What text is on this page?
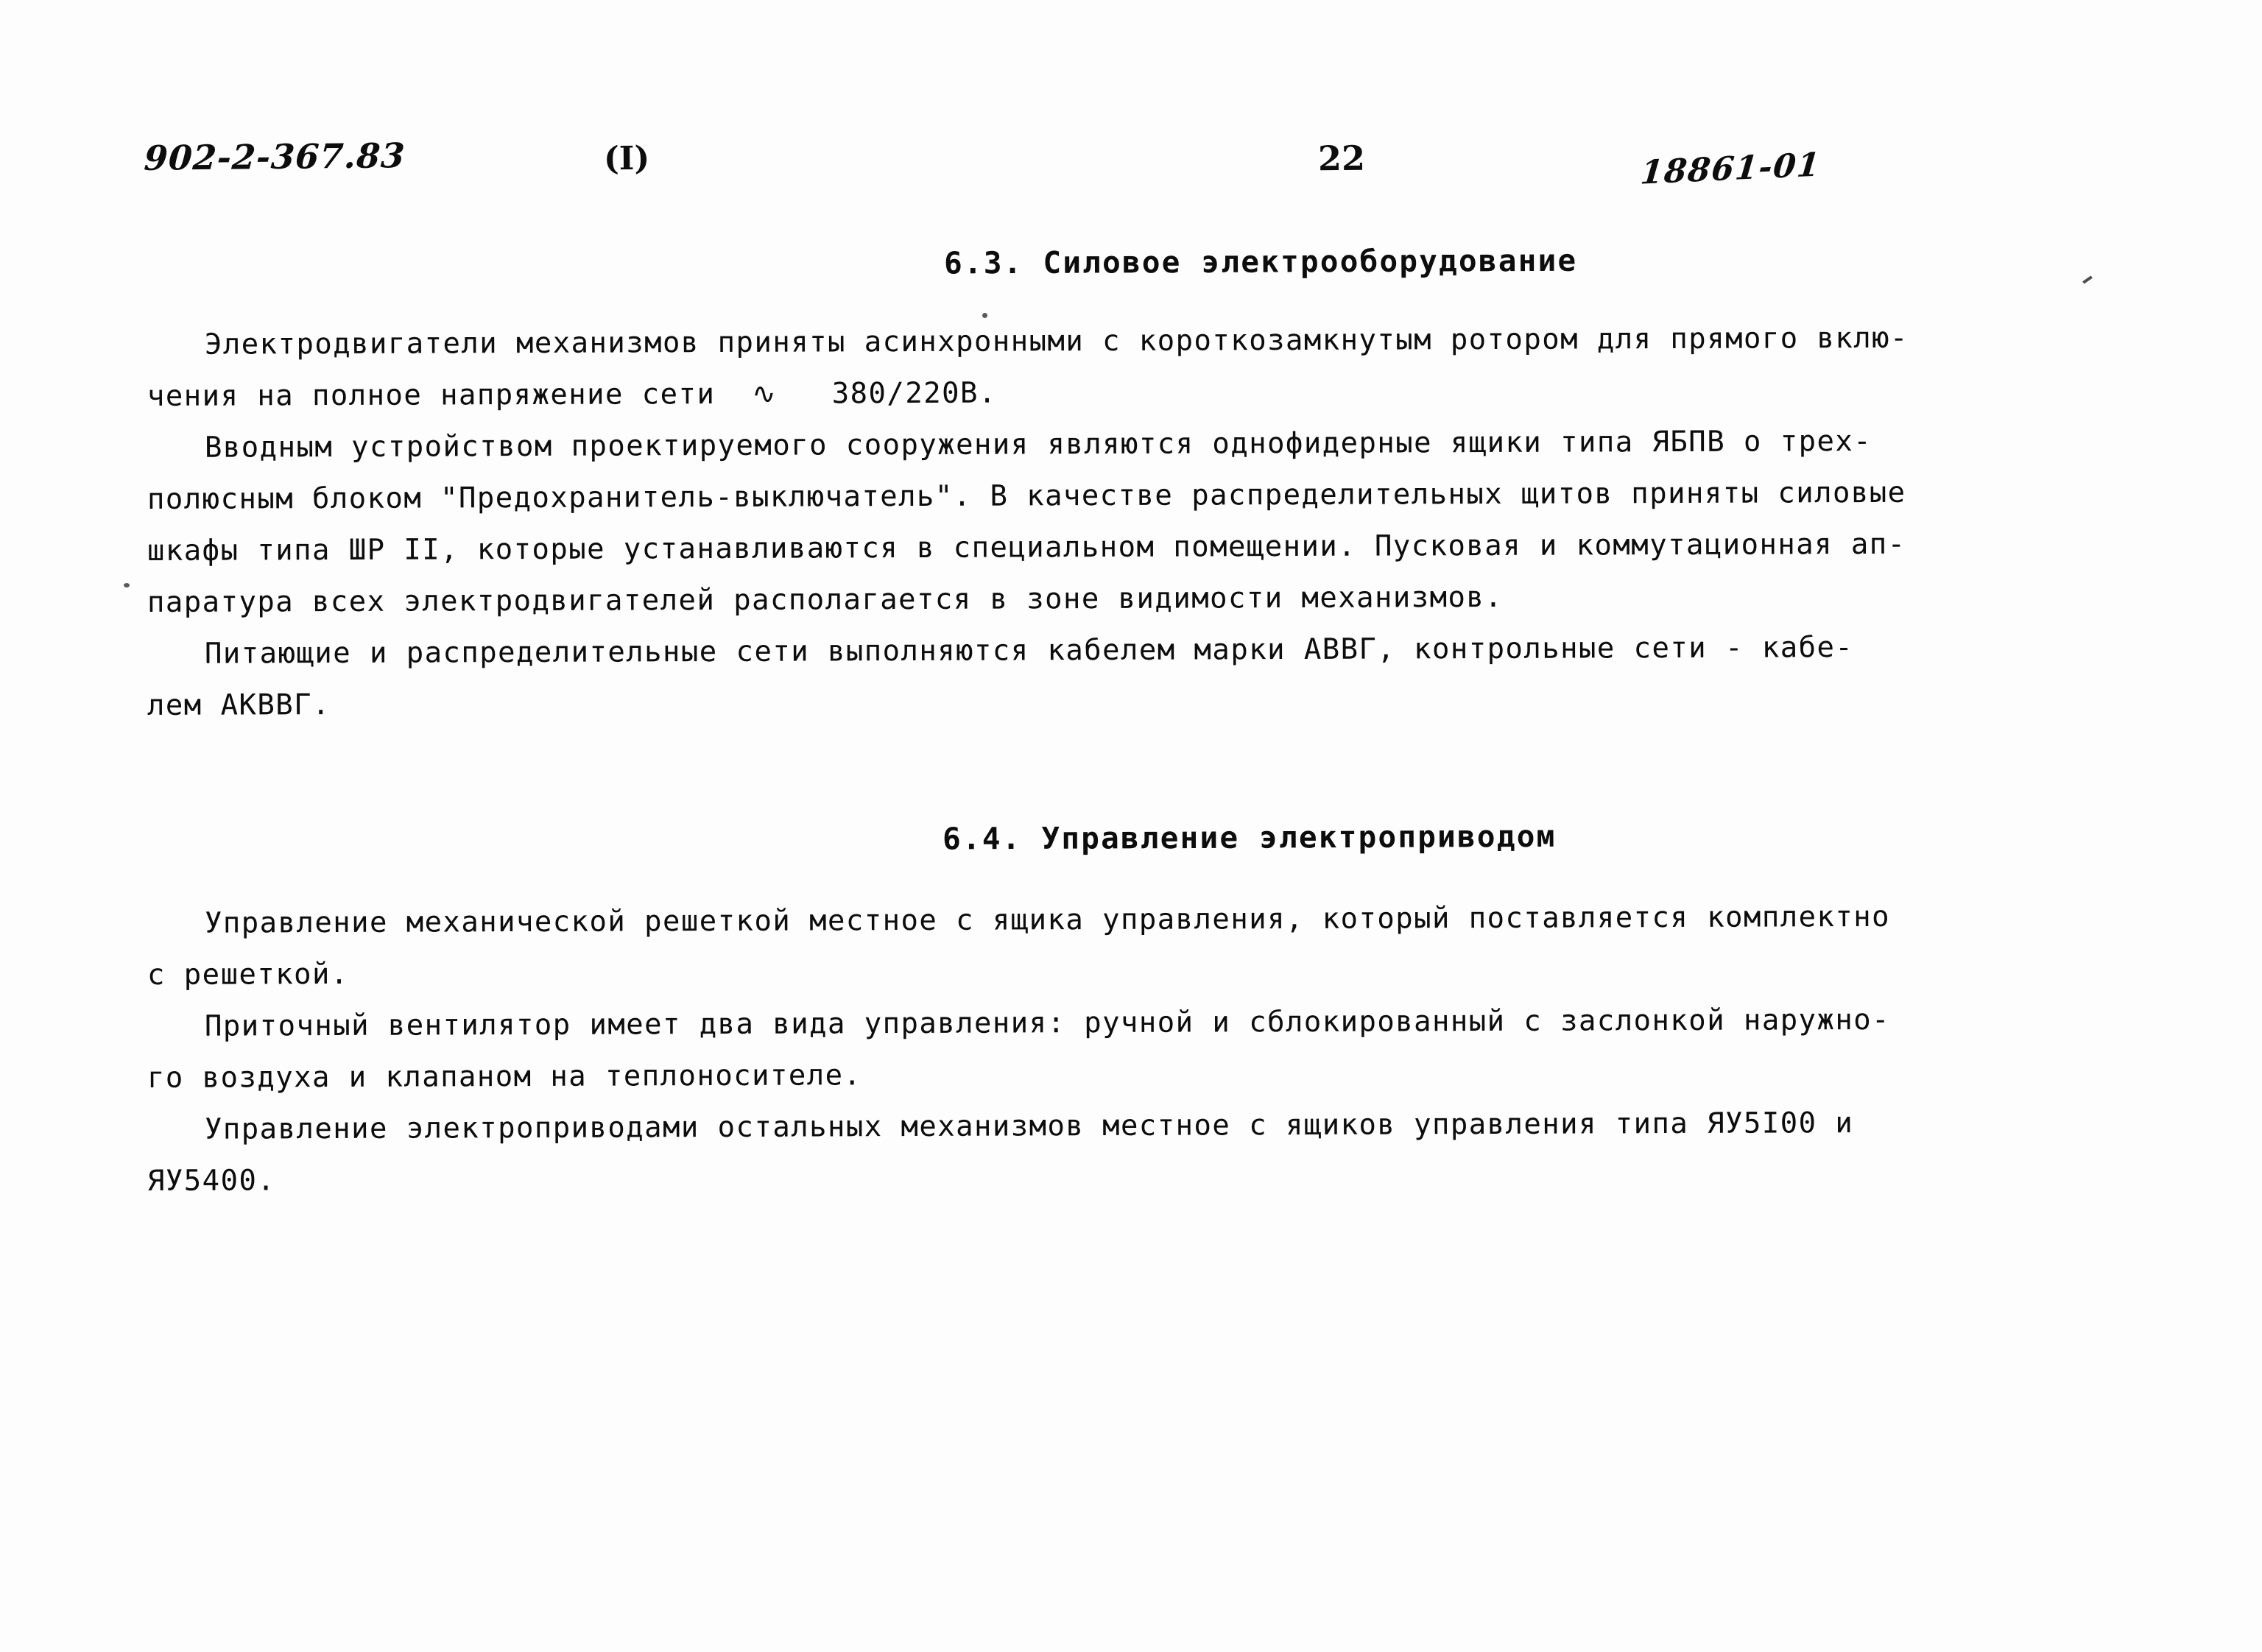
902-2-367.83	(I)	22	18861-01
6.3. Силовое электрооборудование
Электродвигатели механизмов приняты асинхронными с короткозамкнутым ротором для прямого вклю-
чения на полное напряжение сети  ∿   380/220В.
Вводным устройством проектируемого сооружения являются однофидерные ящики типа ЯБПВ о трех-
полюсным блоком "Предохранитель-выключатель". В качестве распределительных щитов приняты силовые
шкафы типа ШР II, которые устанавливаются в специальном помещении. Пусковая и коммутационная ап-
паратура всех электродвигателей располагается в зоне видимости механизмов.
Питающие и распределительные сети выполняются кабелем марки АВВГ, контрольные сети - кабе-
лем АКВВГ.
6.4. Управление электроприводом
Управление механической решеткой местное с ящика управления, который поставляется комплектно
с решеткой.
Приточный вентилятор имеет два вида управления: ручной и сблокированный с заслонкой наружно-
го воздуха и клапаном на теплоносителе.
Управление электроприводами остальных механизмов местное с ящиков управления типа ЯУ5I00 и
ЯУ5400.
